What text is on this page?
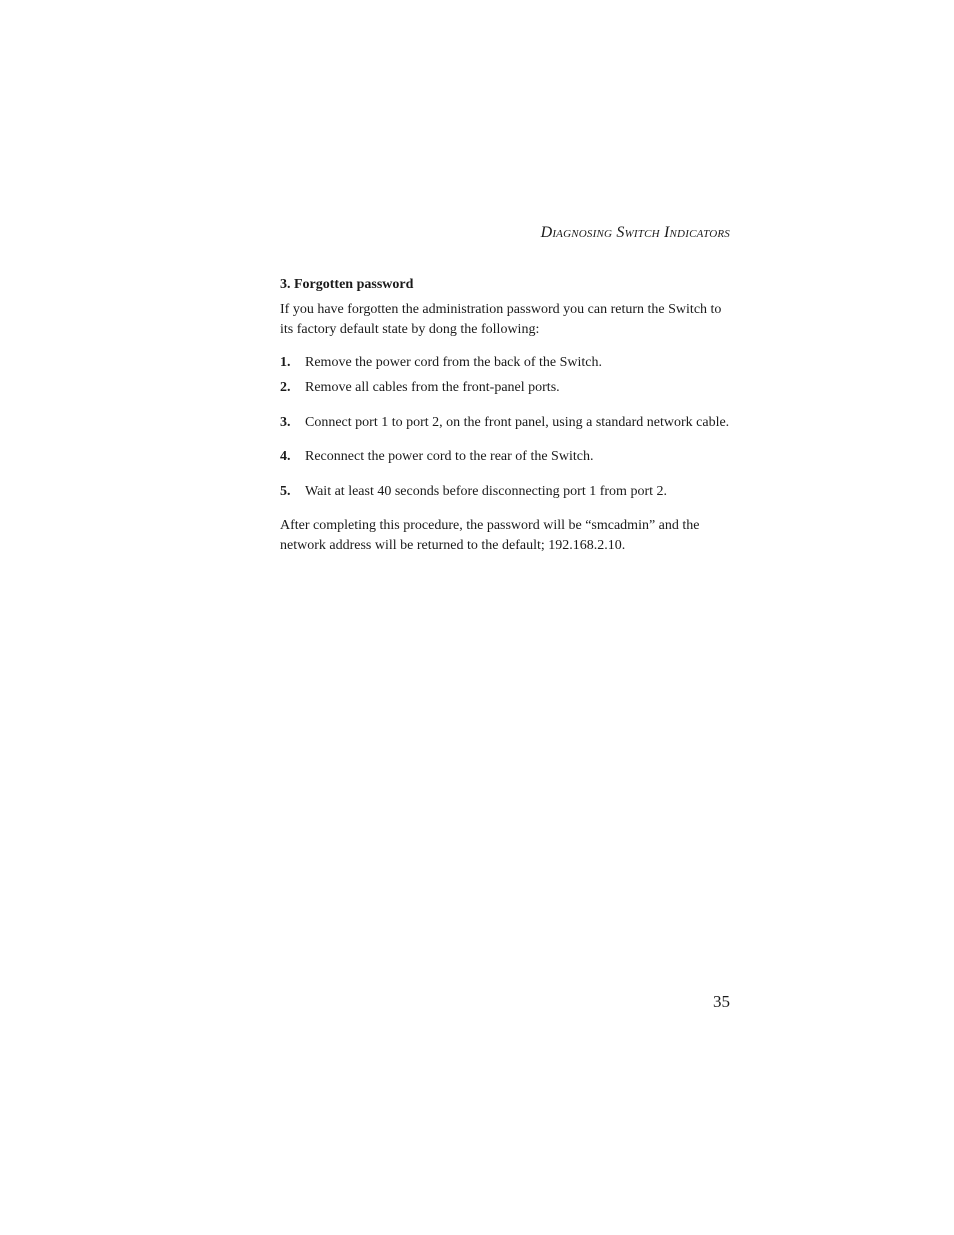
Diagnosing Switch Indicators
3. Forgotten password

If you have forgotten the administration password you can return the Switch to its factory default state by dong the following:

1.	Remove the power cord from the back of the Switch.
2.	Remove all cables from the front-panel ports.
3.	Connect port 1 to port 2, on the front panel, using a standard network cable.
4.	Reconnect the power cord to the rear of the Switch.
5.	Wait at least 40 seconds before disconnecting port 1 from port 2.

After completing this procedure, the password will be “smcadmin” and the network address will be returned to the default; 192.168.2.10.

35
